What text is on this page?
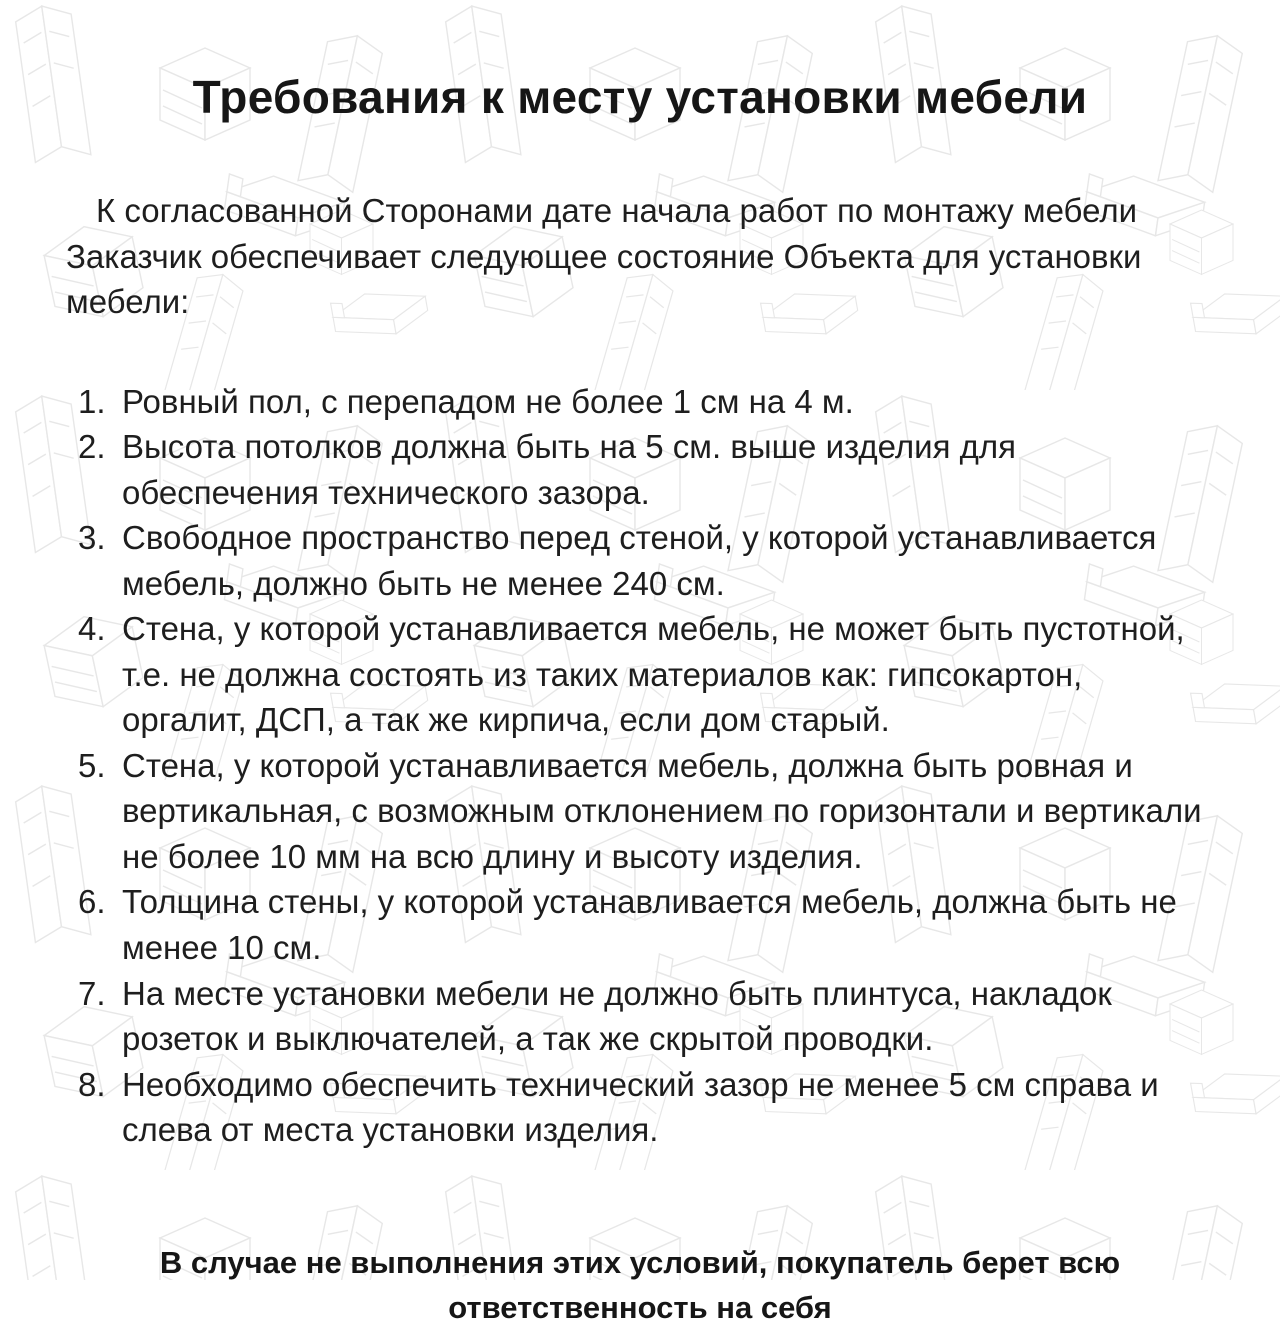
Требования к месту установки мебели

К согласованной Сторонами дате начала работ по монтажу мебели Заказчик обеспечивает следующее состояние Объекта для установки мебели:

1. Ровный пол, с перепадом не более 1 см на 4 м.
2. Высота потолков должна быть на 5 см. выше изделия для обеспечения технического зазора.
3. Свободное пространство перед стеной, у которой устанавливается мебель, должно быть не менее 240 см.
4. Стена, у которой устанавливается мебель, не может быть пустотной, т.е. не должна состоять из таких материалов как: гипсокартон, оргалит, ДСП, а так же кирпича, если дом старый.
5. Стена, у которой устанавливается мебель, должна быть ровная и вертикальная, с возможным отклонением по горизонтали и вертикали не более 10 мм на всю длину и высоту изделия.
6. Толщина стены, у которой устанавливается мебель, должна быть не менее 10 см.
7. На месте установки мебели не должно быть плинтуса, накладок розеток и выключателей, а так же скрытой проводки.
8. Необходимо обеспечить технический зазор не менее 5 см справа и слева от места установки изделия.

В случае не выполнения этих условий, покупатель берет всю ответственность на себя
